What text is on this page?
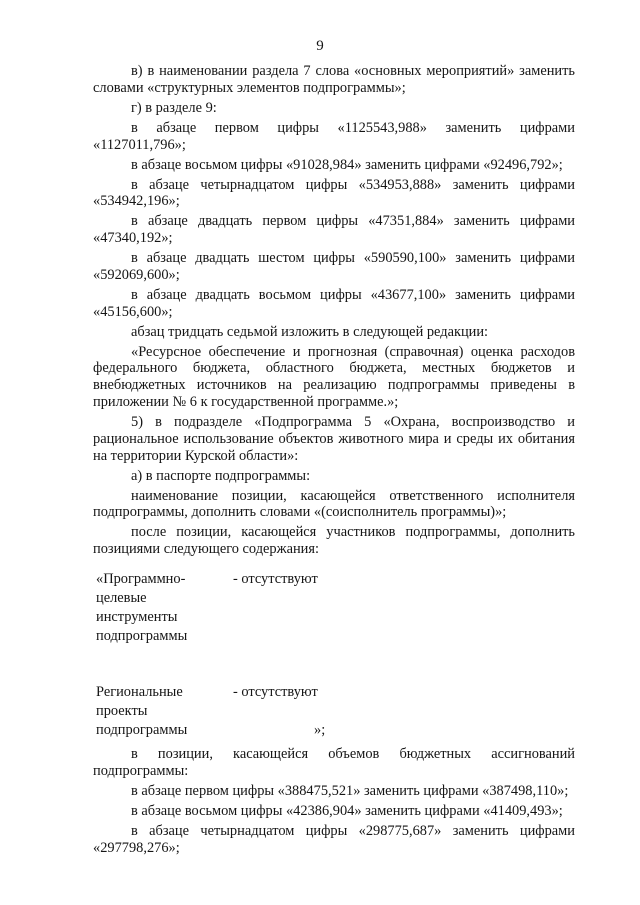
9

в) в наименовании раздела 7 слова «основных мероприятий» заменить словами «структурных элементов подпрограммы»;

г) в разделе 9:

в абзаце первом цифры «1125543,988» заменить цифрами «1127011,796»;

в абзаце восьмом цифры «91028,984» заменить цифрами «92496,792»;

в абзаце четырнадцатом цифры «534953,888» заменить цифрами «534942,196»;

в абзаце двадцать первом цифры «47351,884» заменить цифрами «47340,192»;

в абзаце двадцать шестом цифры «590590,100» заменить цифрами «592069,600»;

в абзаце двадцать восьмом цифры «43677,100» заменить цифрами «45156,600»;

абзац тридцать седьмой изложить в следующей редакции:

«Ресурсное обеспечение и прогнозная (справочная) оценка расходов федерального бюджета, областного бюджета, местных бюджетов и внебюджетных источников на реализацию подпрограммы приведены в приложении № 6 к государственной программе.»;

5) в подразделе «Подпрограмма 5 «Охрана, воспроизводство и рациональное использование объектов животного мира и среды их обитания на территории Курской области»:

а) в паспорте подпрограммы:

наименование позиции, касающейся ответственного исполнителя подпрограммы, дополнить словами «(соисполнитель программы)»;

после позиции, касающейся участников подпрограммы, дополнить позициями следующего содержания:

«Программно-
целевые
инструменты
подпрограммы
- отсутствуют
Региональные
проекты
подпрограммы
- отсутствуют
»;

в позиции, касающейся объемов бюджетных ассигнований подпрограммы:

в абзаце первом цифры «388475,521» заменить цифрами «387498,110»;

в абзаце восьмом цифры «42386,904» заменить цифрами «41409,493»;

в абзаце четырнадцатом цифры «298775,687» заменить цифрами «297798,276»;
